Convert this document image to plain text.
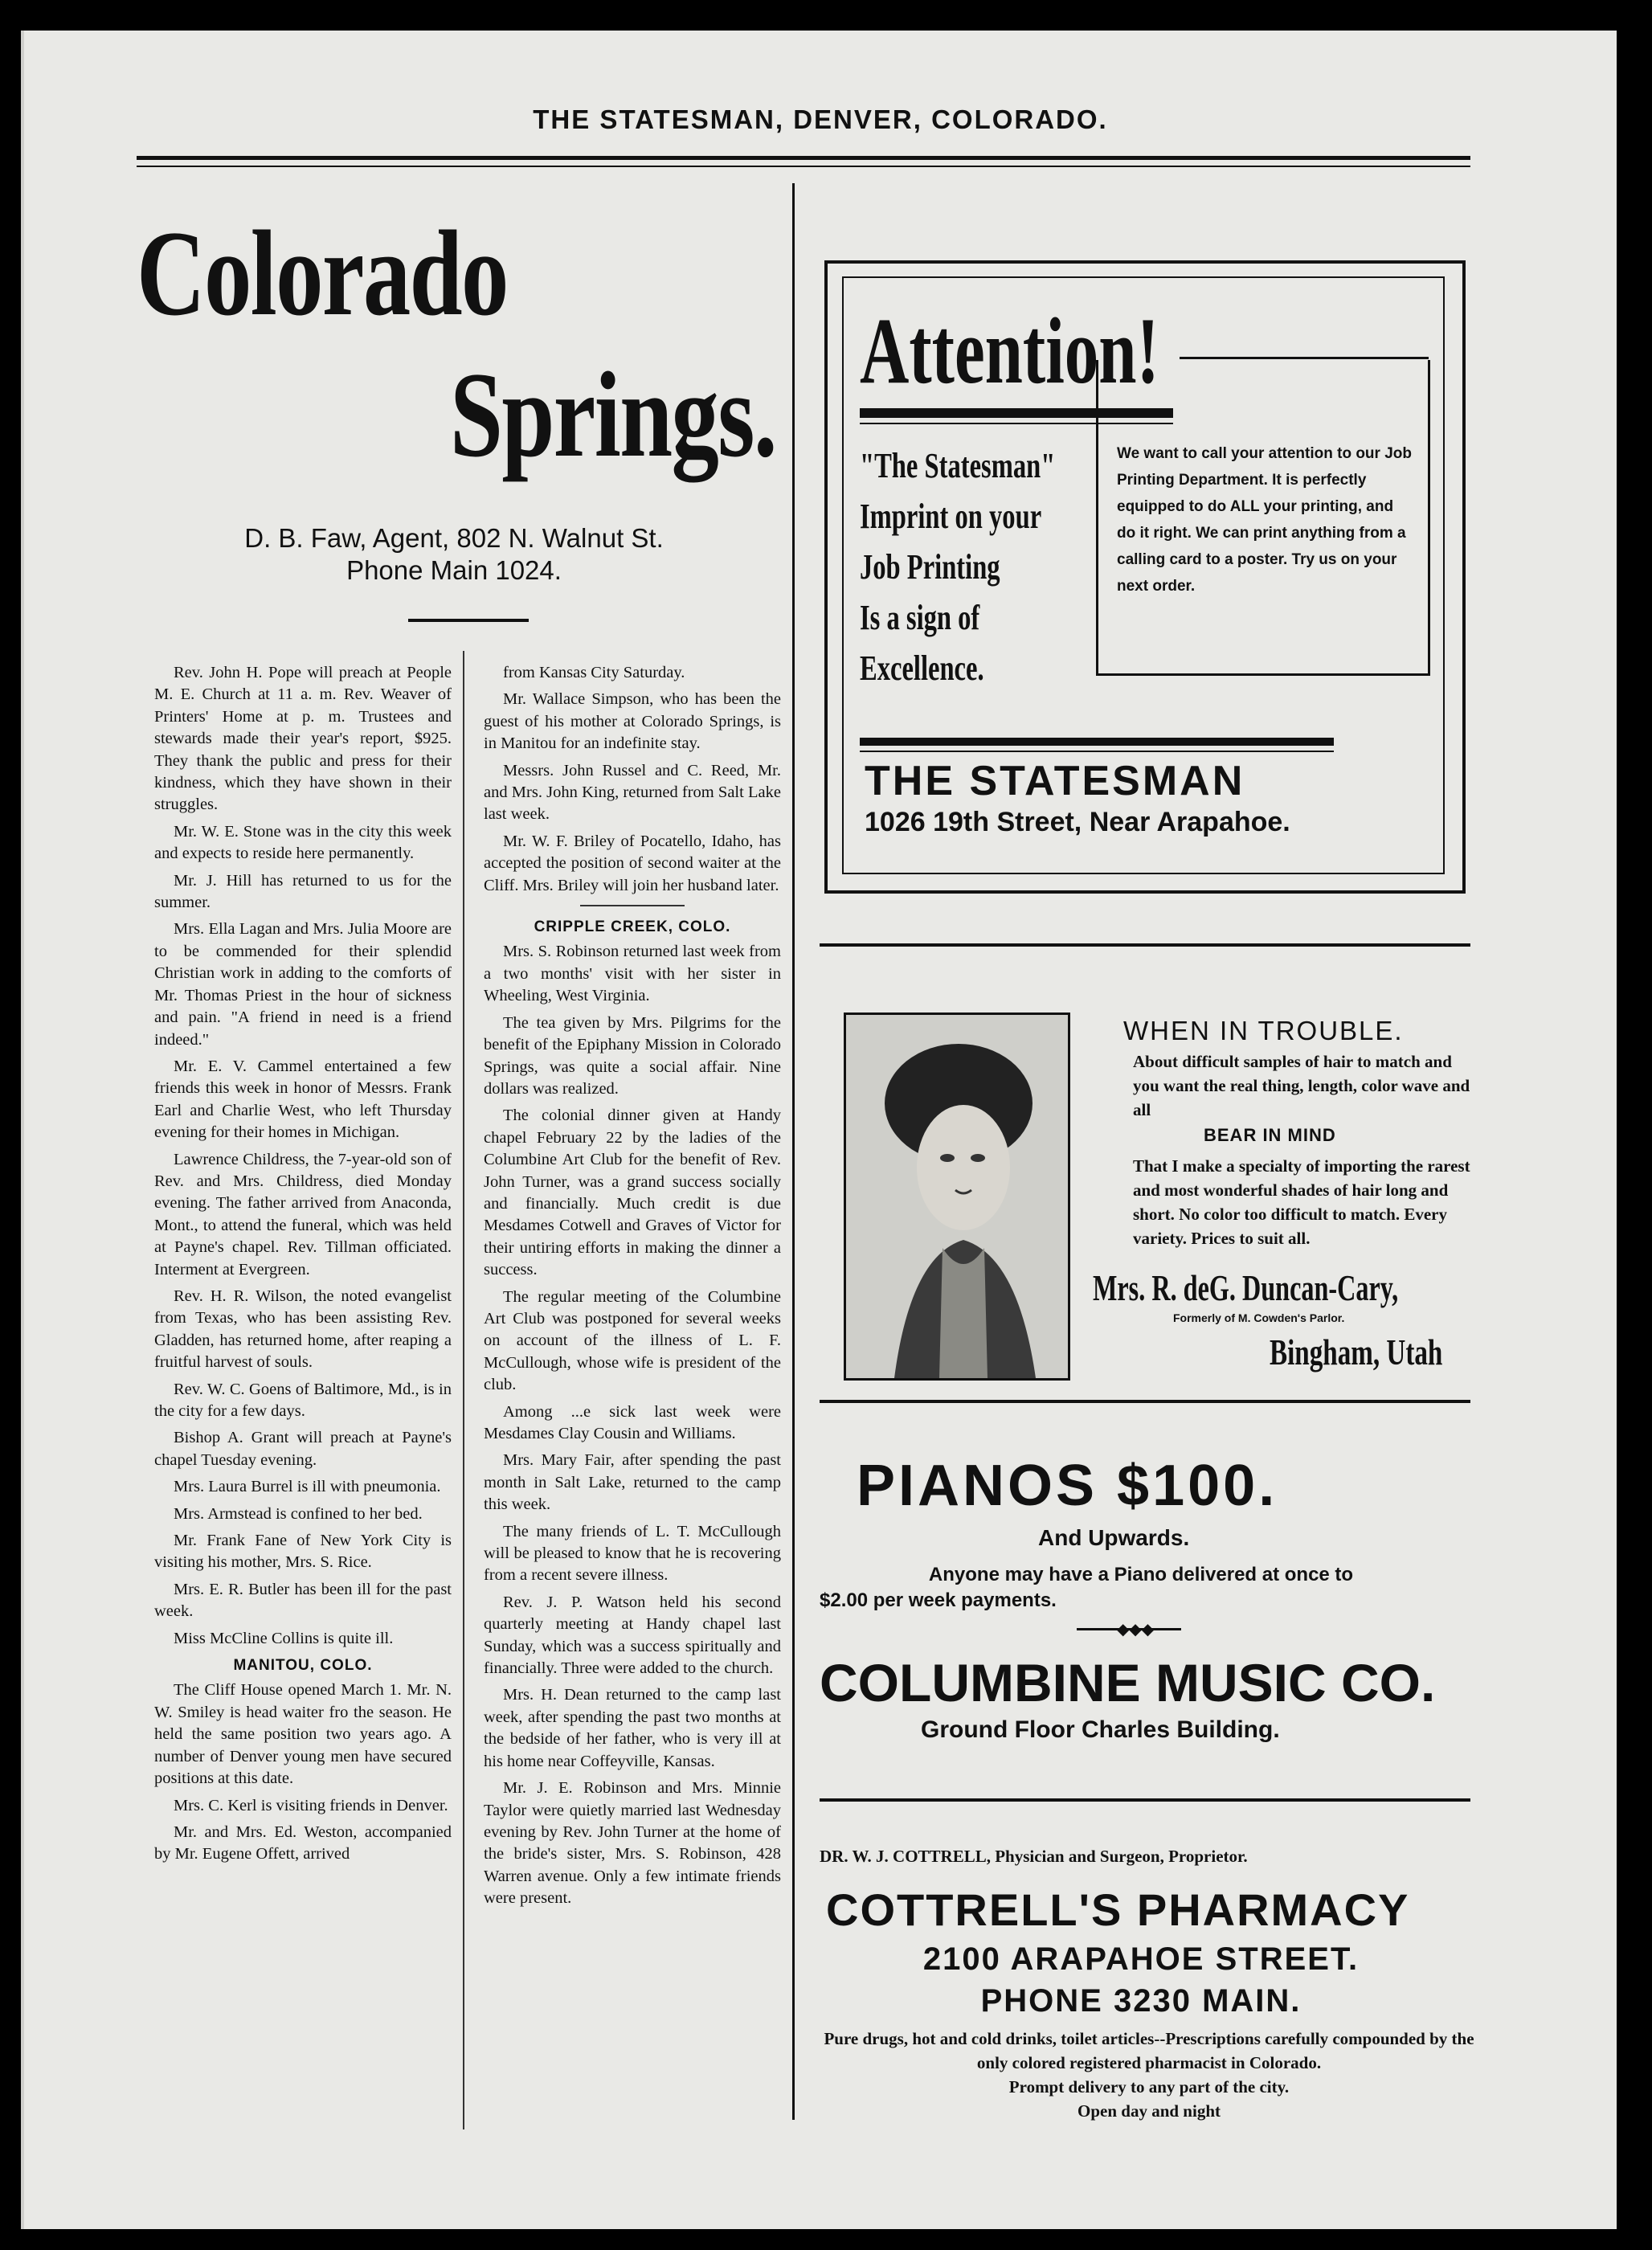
THE STATESMAN, DENVER, COLORADO.
Colorado
Springs.
D. B. Faw, Agent, 802 N. Walnut St.
Phone Main 1024.

Rev. John H. Pope will preach at People M. E. Church at 11 a. m. Rev. Weaver of Printers' Home at p. m. Trustees and stewards made their year's report, $925. They thank the public and press for their kindness, which they have shown in their struggles.

Mr. W. E. Stone was in the city this week and expects to reside here permanently.

Mr. J. Hill has returned to us for the summer.

Mrs. Ella Lagan and Mrs. Julia Moore are to be commended for their splendid Christian work in adding to the comforts of Mr. Thomas Priest in the hour of sickness and pain. "A friend in need is a friend indeed."

Mr. E. V. Cammel entertained a few friends this week in honor of Messrs. Frank Earl and Charlie West, who left Thursday evening for their homes in Michigan.

Lawrence Childress, the 7-year-old son of Rev. and Mrs. Childress, died Monday evening. The father arrived from Anaconda, Mont., to attend the funeral, which was held at Payne's chapel. Rev. Tillman officiated. Interment at Evergreen.

Rev. H. R. Wilson, the noted evangelist from Texas, who has been assisting Rev. Gladden, has returned home, after reaping a fruitful harvest of souls.

Rev. W. C. Goens of Baltimore, Md., is in the city for a few days.

Bishop A. Grant will preach at Payne's chapel Tuesday evening.

Mrs. Laura Burrel is ill with pneumonia.

Mrs. Armstead is confined to her bed.

Mr. Frank Fane of New York City is visiting his mother, Mrs. S. Rice.

Mrs. E. R. Butler has been ill for the past week.

Miss McCline Collins is quite ill.

MANITOU, COLO.

The Cliff House opened March 1. Mr. N. W. Smiley is head waiter fro the season. He held the same position two years ago. A number of Denver young men have secured positions at this date.

Mrs. C. Kerl is visiting friends in Denver.

Mr. and Mrs. Ed. Weston, accompanied by Mr. Eugene Offett, arrived

from Kansas City Saturday.

Mr. Wallace Simpson, who has been the guest of his mother at Colorado Springs, is in Manitou for an indefinite stay.

Messrs. John Russel and C. Reed, Mr. and Mrs. John King, returned from Salt Lake last week.

Mr. W. F. Briley of Pocatello, Idaho, has accepted the position of second waiter at the Cliff. Mrs. Briley will join her husband later.

CRIPPLE CREEK, COLO.

Mrs. S. Robinson returned last week from a two months' visit with her sister in Wheeling, West Virginia.

The tea given by Mrs. Pilgrims for the benefit of the Epiphany Mission in Colorado Springs, was quite a social affair. Nine dollars was realized.

The colonial dinner given at Handy chapel February 22 by the ladies of the Columbine Art Club for the benefit of Rev. John Turner, was a grand success socially and financially. Much credit is due Mesdames Cotwell and Graves of Victor for their untiring efforts in making the dinner a success.

The regular meeting of the Columbine Art Club was postponed for several weeks on account of the illness of L. F. McCullough, whose wife is president of the club.

Among ...e sick last week were Mesdames Clay Cousin and Williams.

Mrs. Mary Fair, after spending the past month in Salt Lake, returned to the camp this week.

The many friends of L. T. McCullough will be pleased to know that he is recovering from a recent severe illness.

Rev. J. P. Watson held his second quarterly meeting at Handy chapel last Sunday, which was a success spiritually and financially. Three were added to the church.

Mrs. H. Dean returned to the camp last week, after spending the past two months at the bedside of her father, who is very ill at his home near Coffeyville, Kansas.

Mr. J. E. Robinson and Mrs. Minnie Taylor were quietly married last Wednesday evening by Rev. John Turner at the home of the bride's sister, Mrs. S. Robinson, 428 Warren avenue. Only a few intimate friends were present.

Attention!
"The Statesman"
Imprint on your
Job Printing
Is a sign of
Excellence.
We want to call your attention to our Job Printing Department. It is perfectly equipped to do ALL your printing, and do it right. We can print anything from a calling card to a poster. Try us on your next order.
THE STATESMAN
1026 19th Street, Near Arapahoe.
WHEN IN TROUBLE.

About difficult samples of hair to match and you want the real thing, length, color wave and all

BEAR IN MIND

That I make a specialty of importing the rarest and most wonderful shades of hair long and short. No color too difficult to match. Every variety. Prices to suit all.

Mrs. R. deG. Duncan-Cary,
Formerly of M. Cowden's Parlor.
Bingham, Utah
PIANOS $100.
And Upwards.
Anyone may have a Piano delivered at once to
$2.00 per week payments.
◆◆◆
COLUMBINE MUSIC CO.
Ground Floor Charles Building.
DR. W. J. COTTRELL, Physician and Surgeon, Proprietor.
COTTRELL'S PHARMACY
2100 ARAPAHOE STREET.
PHONE 3230 MAIN.
Pure drugs, hot and cold drinks, toilet articles--Prescriptions carefully compounded by the only colored registered pharmacist in Colorado.
Prompt delivery to any part of the city.
Open day and night
